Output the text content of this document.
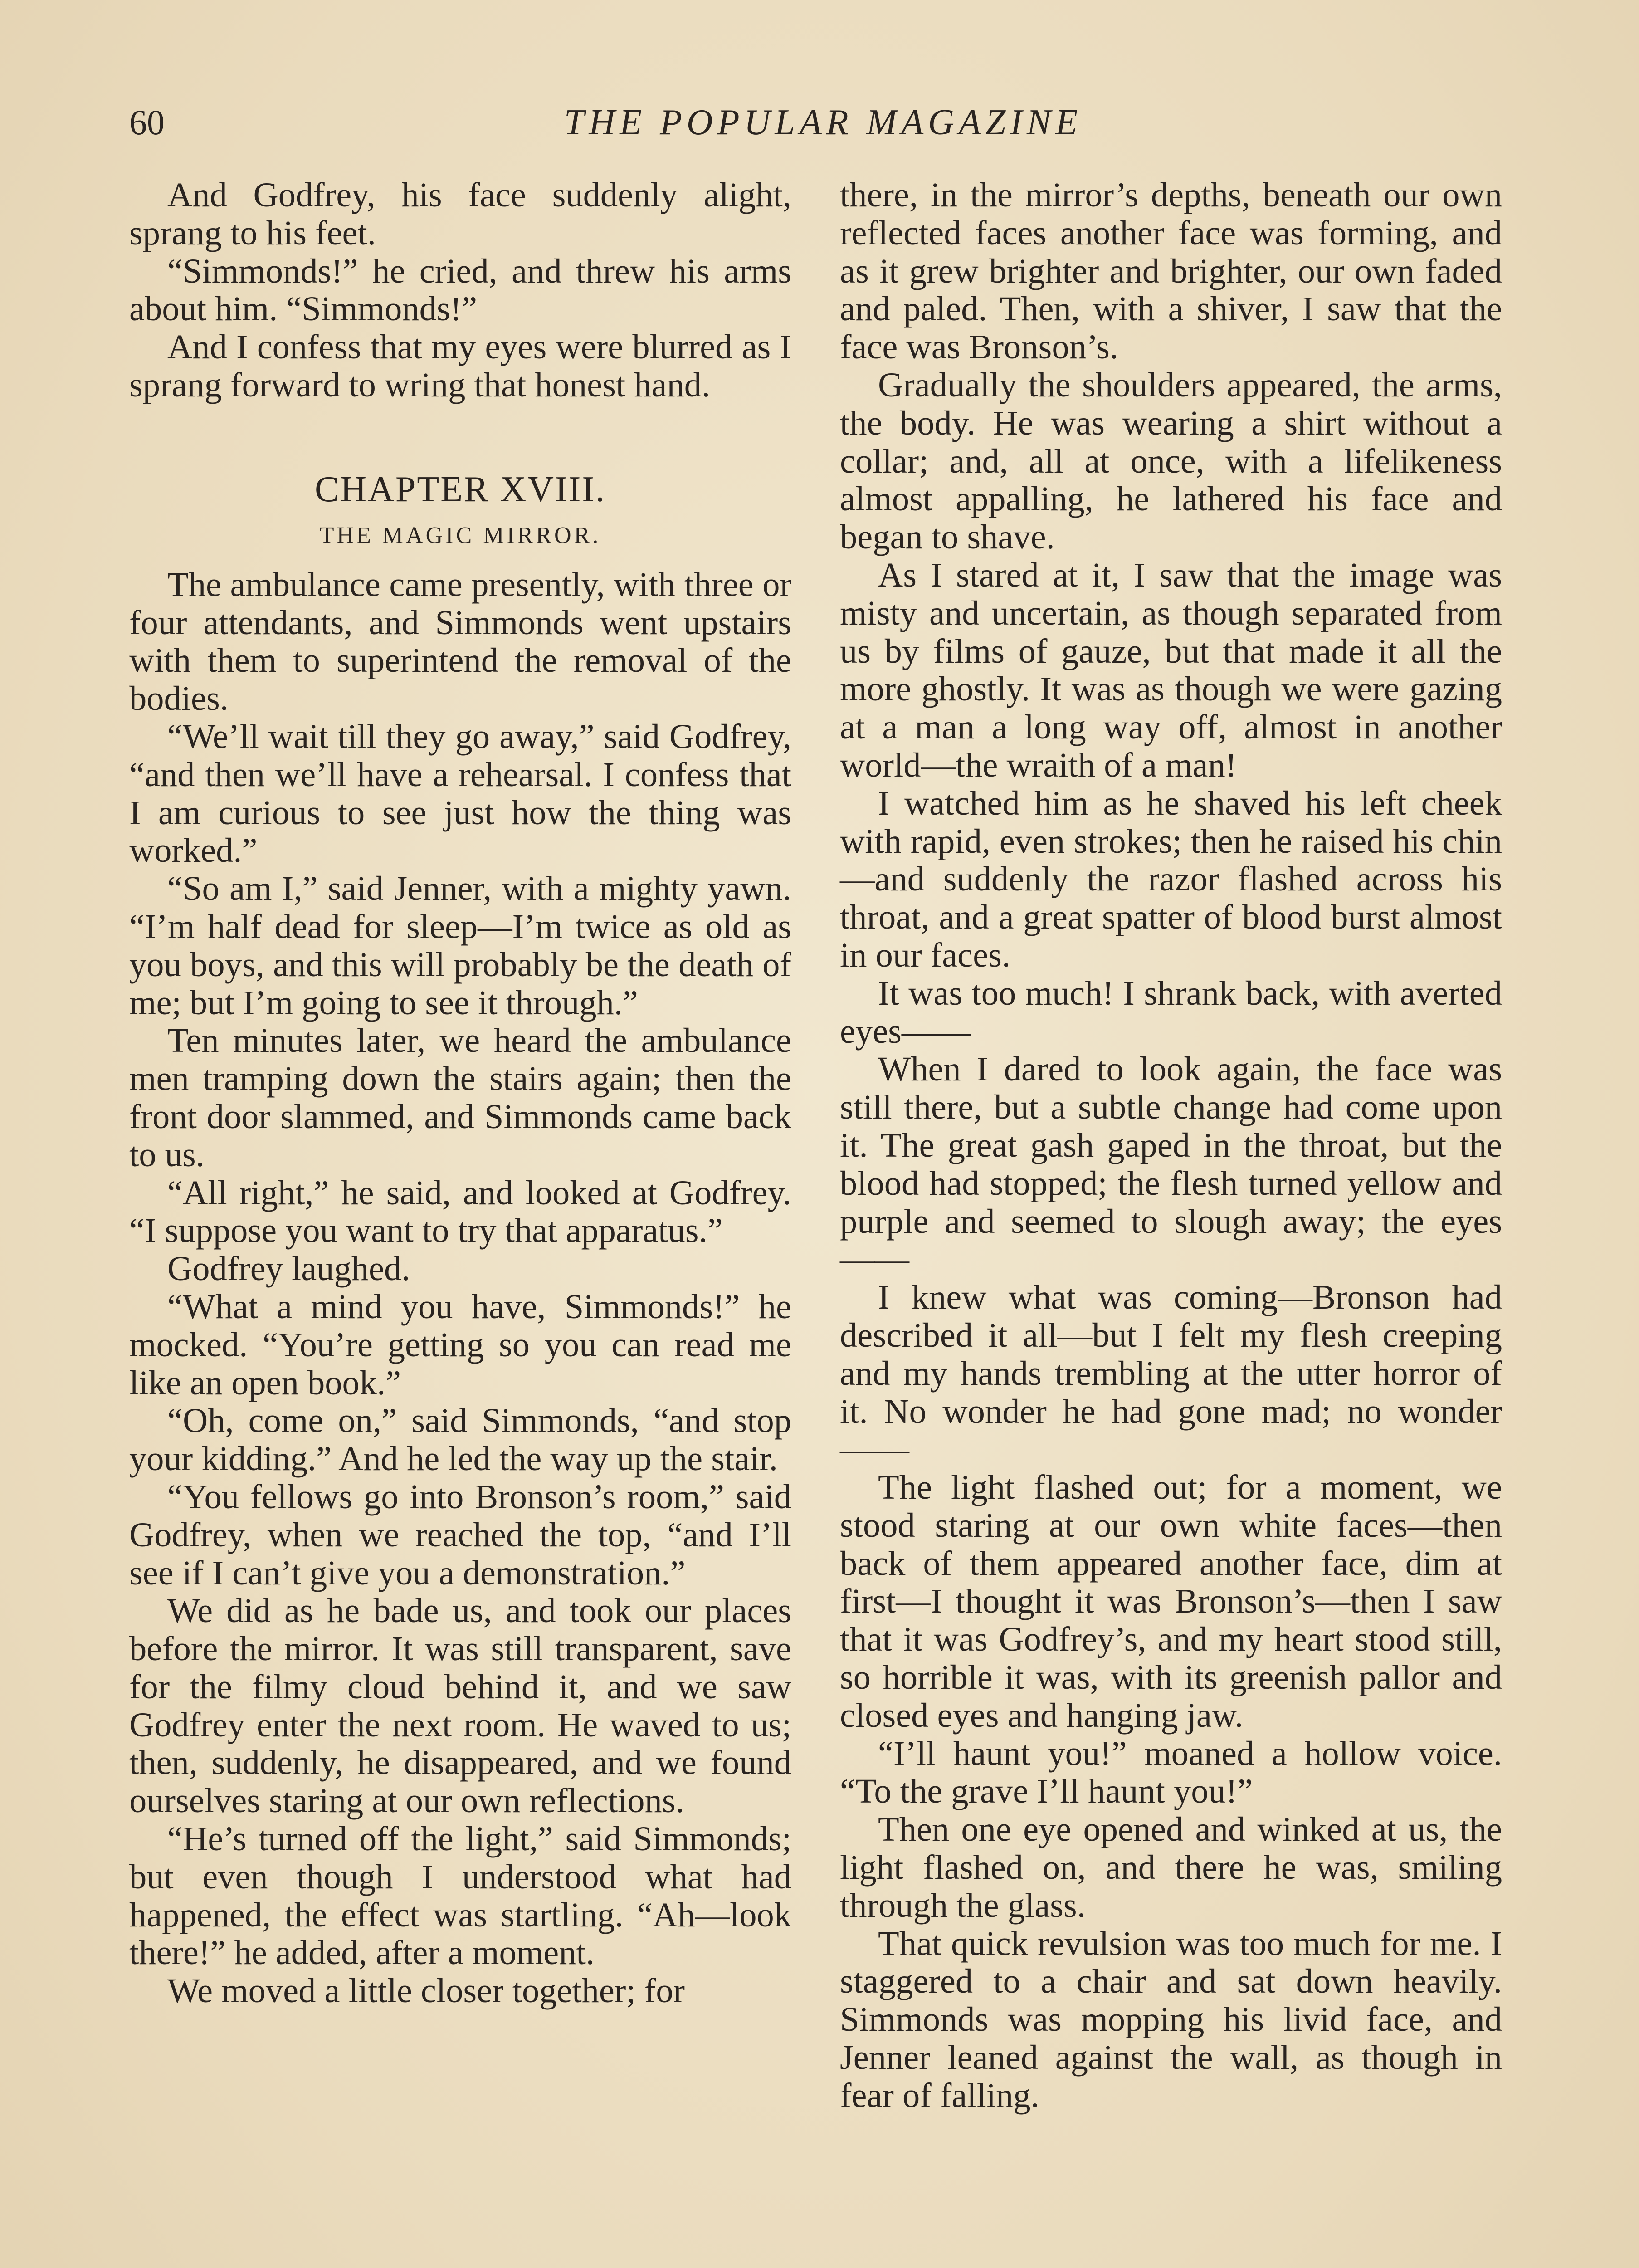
60	THE POPULAR MAGAZINE

And Godfrey, his face suddenly alight, sprang to his feet.

“Simmonds!” he cried, and threw his arms about him. “Simmonds!”

And I confess that my eyes were blurred as I sprang forward to wring that honest hand.

CHAPTER XVIII.
THE MAGIC MIRROR.

The ambulance came presently, with three or four attendants, and Simmonds went upstairs with them to superintend the removal of the bodies.

“We’ll wait till they go away,” said Godfrey, “and then we’ll have a rehearsal. I confess that I am curious to see just how the thing was worked.”

“So am I,” said Jenner, with a mighty yawn. “I’m half dead for sleep—I’m twice as old as you boys, and this will probably be the death of me; but I’m going to see it through.”

Ten minutes later, we heard the ambulance men tramping down the stairs again; then the front door slammed, and Simmonds came back to us.

“All right,” he said, and looked at Godfrey. “I suppose you want to try that apparatus.”

Godfrey laughed.

“What a mind you have, Simmonds!” he mocked. “You’re getting so you can read me like an open book.”

“Oh, come on,” said Simmonds, “and stop your kidding.” And he led the way up the stair.

“You fellows go into Bronson’s room,” said Godfrey, when we reached the top, “and I’ll see if I can’t give you a demonstration.”

We did as he bade us, and took our places before the mirror. It was still transparent, save for the filmy cloud behind it, and we saw Godfrey enter the next room. He waved to us; then, suddenly, he disappeared, and we found ourselves staring at our own reflections.

“He’s turned off the light,” said Simmonds; but even though I understood what had happened, the effect was startling. “Ah—look there!” he added, after a moment.

We moved a little closer together; for

there, in the mirror’s depths, beneath our own reflected faces another face was forming, and as it grew brighter and brighter, our own faded and paled. Then, with a shiver, I saw that the face was Bronson’s.

Gradually the shoulders appeared, the arms, the body. He was wearing a shirt without a collar; and, all at once, with a lifelikeness almost appalling, he lathered his face and began to shave.

As I stared at it, I saw that the image was misty and uncertain, as though separated from us by films of gauze, but that made it all the more ghostly. It was as though we were gazing at a man a long way off, almost in another world—the wraith of a man!

I watched him as he shaved his left cheek with rapid, even strokes; then he raised his chin—and suddenly the razor flashed across his throat, and a great spatter of blood burst almost in our faces.

It was too much! I shrank back, with averted eyes——

When I dared to look again, the face was still there, but a subtle change had come upon it. The great gash gaped in the throat, but the blood had stopped; the flesh turned yellow and purple and seemed to slough away; the eyes——

I knew what was coming—Bronson had described it all—but I felt my flesh creeping and my hands trembling at the utter horror of it. No wonder he had gone mad; no wonder——

The light flashed out; for a moment, we stood staring at our own white faces—then back of them appeared another face, dim at first—I thought it was Bronson’s—then I saw that it was Godfrey’s, and my heart stood still, so horrible it was, with its greenish pallor and closed eyes and hanging jaw.

“I’ll haunt you!” moaned a hollow voice. “To the grave I’ll haunt you!”

Then one eye opened and winked at us, the light flashed on, and there he was, smiling through the glass.

That quick revulsion was too much for me. I staggered to a chair and sat down heavily. Simmonds was mopping his livid face, and Jenner leaned against the wall, as though in fear of falling.
